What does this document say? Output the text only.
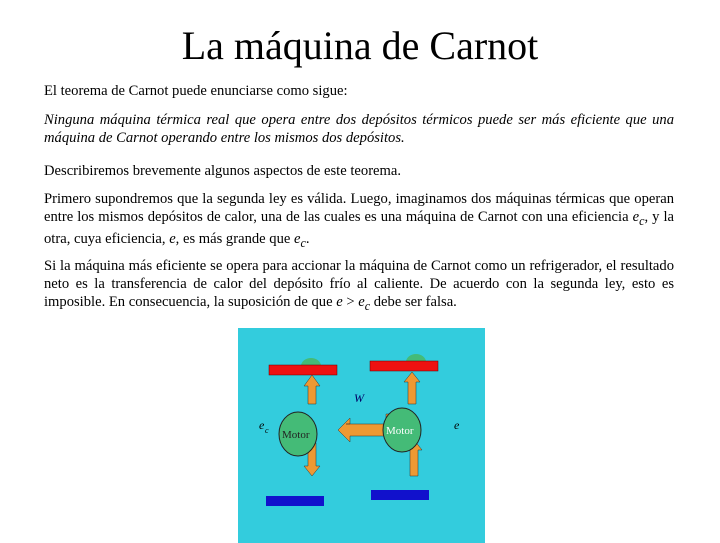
La máquina de Carnot
El teorema de Carnot puede enunciarse como sigue:
Ninguna máquina térmica real que opera entre dos depósitos térmicos puede ser más eficiente que una máquina de Carnot operando entre los mismos dos depósitos.
Describiremos brevemente algunos aspectos de este teorema.
Primero supondremos que la segunda ley es válida. Luego, imaginamos dos máquinas térmicas que operan entre los mismos depósitos de calor, una de las cuales es una máquina de Carnot con una eficiencia $e_c$, y la otra, cuya eficiencia, e, es más grande que $e_c$.
Si la máquina más eficiente se opera para accionar la máquina de Carnot como un refrigerador, el resultado neto es la transferencia de calor del depósito frío al caliente. De acuerdo con la segunda ley, esto es imposible. En consecuencia, la suposición de que $e > e_c$ debe ser falsa.
W
Motor	Motor
e c	e
